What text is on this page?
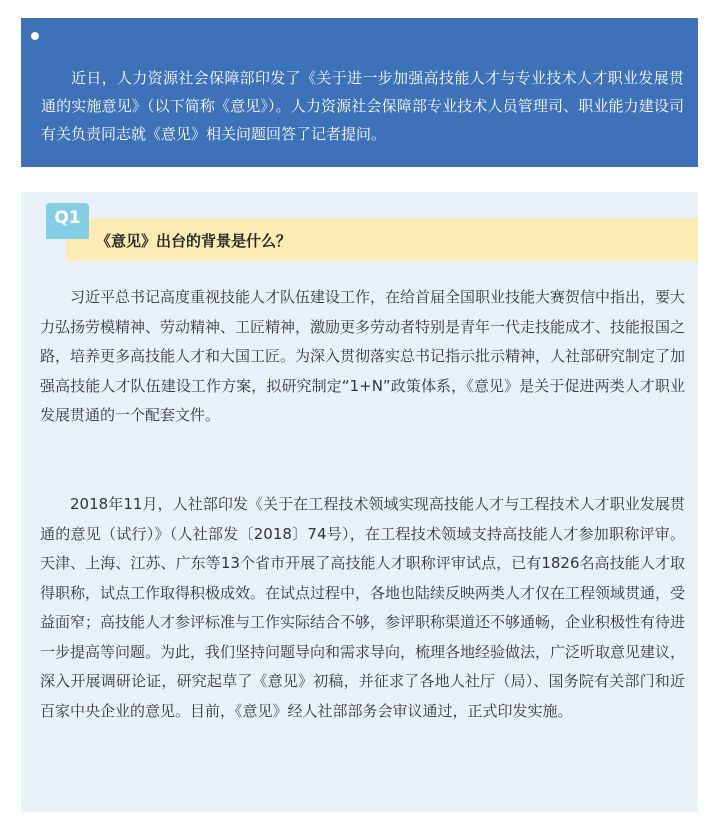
近日，人力资源社会保障部印发了《关于进一步加强高技能人才与专业技术人才职业发展贯通的实施意见》（以下简称《意见》）。人力资源社会保障部专业技术人员管理司、职业能力建设司有关负责同志就《意见》相关问题回答了记者提问。
Q1
《意见》出台的背景是什么？
习近平总书记高度重视技能人才队伍建设工作，在给首届全国职业技能大赛贺信中指出，要大力弘扬劳模精神、劳动精神、工匠精神，激励更多劳动者特别是青年一代走技能成才、技能报国之路，培养更多高技能人才和大国工匠。为深入贯彻落实总书记指示批示精神，人社部研究制定了加强高技能人才队伍建设工作方案，拟研究制定“1+N”政策体系，《意见》是关于促进两类人才职业发展贯通的一个配套文件。
2018年11月，人社部印发《关于在工程技术领域实现高技能人才与工程技术人才职业发展贯通的意见（试行）》（人社部发〔2018〕74号），在工程技术领域支持高技能人才参加职称评审。天津、上海、江苏、广东等13个省市开展了高技能人才职称评审试点，已有1826名高技能人才取得职称，试点工作取得积极成效。在试点过程中，各地也陆续反映两类人才仅在工程领域贯通，受益面窄；高技能人才参评标准与工作实际结合不够，参评职称渠道还不够通畅，企业积极性有待进一步提高等问题。为此，我们坚持问题导向和需求导向，梳理各地经验做法，广泛听取意见建议，深入开展调研论证，研究起草了《意见》初稿，并征求了各地人社厅（局）、国务院有关部门和近百家中央企业的意见。目前，《意见》经人社部部务会审议通过，正式印发实施。
